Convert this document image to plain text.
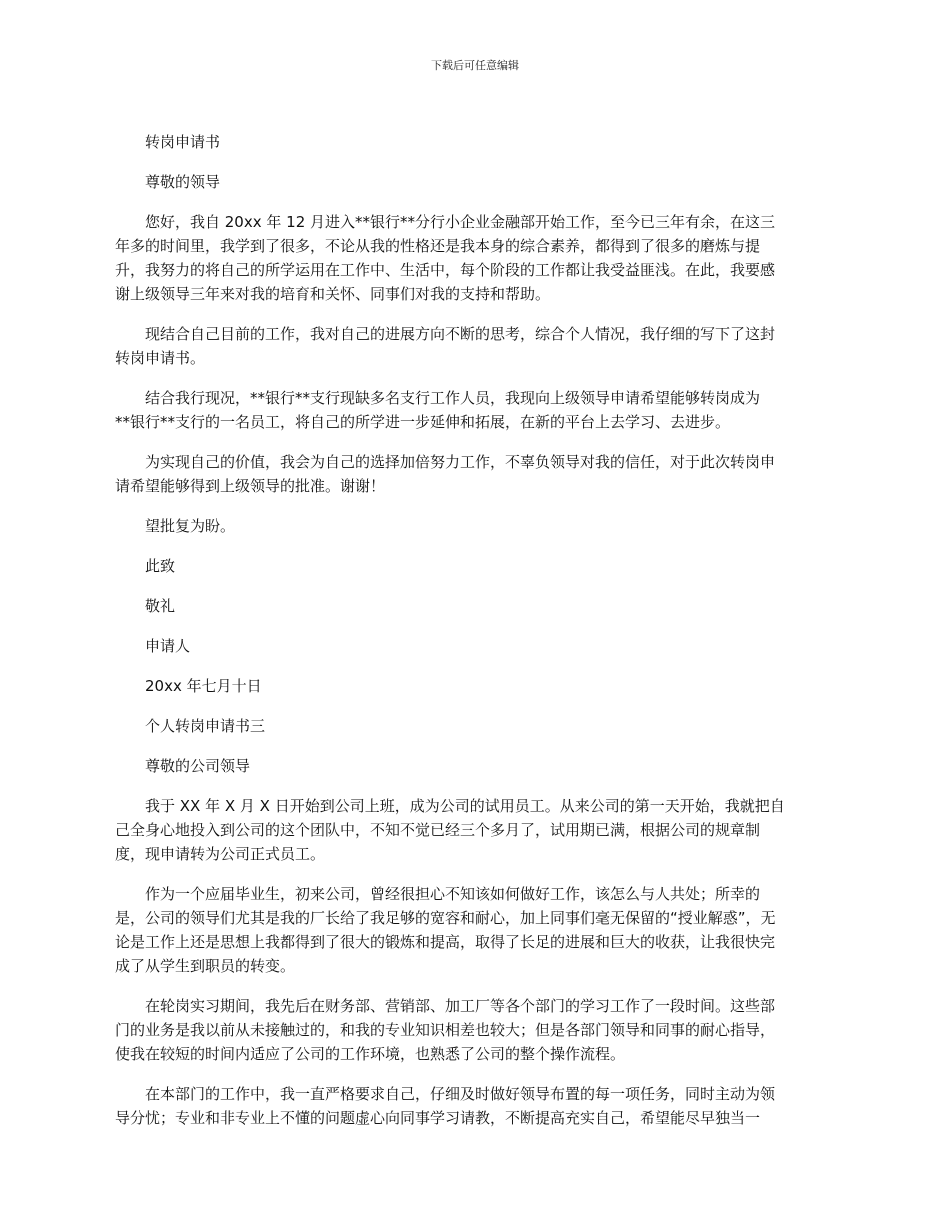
下载后可任意编辑
转岗申请书
尊敬的领导
您好，我自 20xx 年 12 月进入**银行**分行小企业金融部开始工作，至今已三年有余，在这三
年多的时间里，我学到了很多，不论从我的性格还是我本身的综合素养，都得到了很多的磨炼与提
升，我努力的将自己的所学运用在工作中、生活中，每个阶段的工作都让我受益匪浅。在此，我要感
谢上级领导三年来对我的培育和关怀、同事们对我的支持和帮助。
现结合自己目前的工作，我对自己的进展方向不断的思考，综合个人情况，我仔细的写下了这封
转岗申请书。
结合我行现况，**银行**支行现缺多名支行工作人员，我现向上级领导申请希望能够转岗成为
**银行**支行的一名员工，将自己的所学进一步延伸和拓展，在新的平台上去学习、去进步。
为实现自己的价值，我会为自己的选择加倍努力工作，不辜负领导对我的信任，对于此次转岗申
请希望能够得到上级领导的批准。谢谢！
望批复为盼。
此致
敬礼
申请人
20xx 年七月十日
个人转岗申请书三
尊敬的公司领导
我于 XX 年 X 月 X 日开始到公司上班，成为公司的试用员工。从来公司的第一天开始，我就把自
己全身心地投入到公司的这个团队中，不知不觉已经三个多月了，试用期已满，根据公司的规章制
度，现申请转为公司正式员工。
作为一个应届毕业生，初来公司，曾经很担心不知该如何做好工作，该怎么与人共处；所幸的
是，公司的领导们尤其是我的厂长给了我足够的宽容和耐心，加上同事们毫无保留的“授业解惑”，无
论是工作上还是思想上我都得到了很大的锻炼和提高，取得了长足的进展和巨大的收获，让我很快完
成了从学生到职员的转变。
在轮岗实习期间，我先后在财务部、营销部、加工厂等各个部门的学习工作了一段时间。这些部
门的业务是我以前从未接触过的，和我的专业知识相差也较大；但是各部门领导和同事的耐心指导，
使我在较短的时间内适应了公司的工作环境，也熟悉了公司的整个操作流程。
在本部门的工作中，我一直严格要求自己，仔细及时做好领导布置的每一项任务，同时主动为领
导分忧；专业和非专业上不懂的问题虚心向同事学习请教，不断提高充实自己，希望能尽早独当一
